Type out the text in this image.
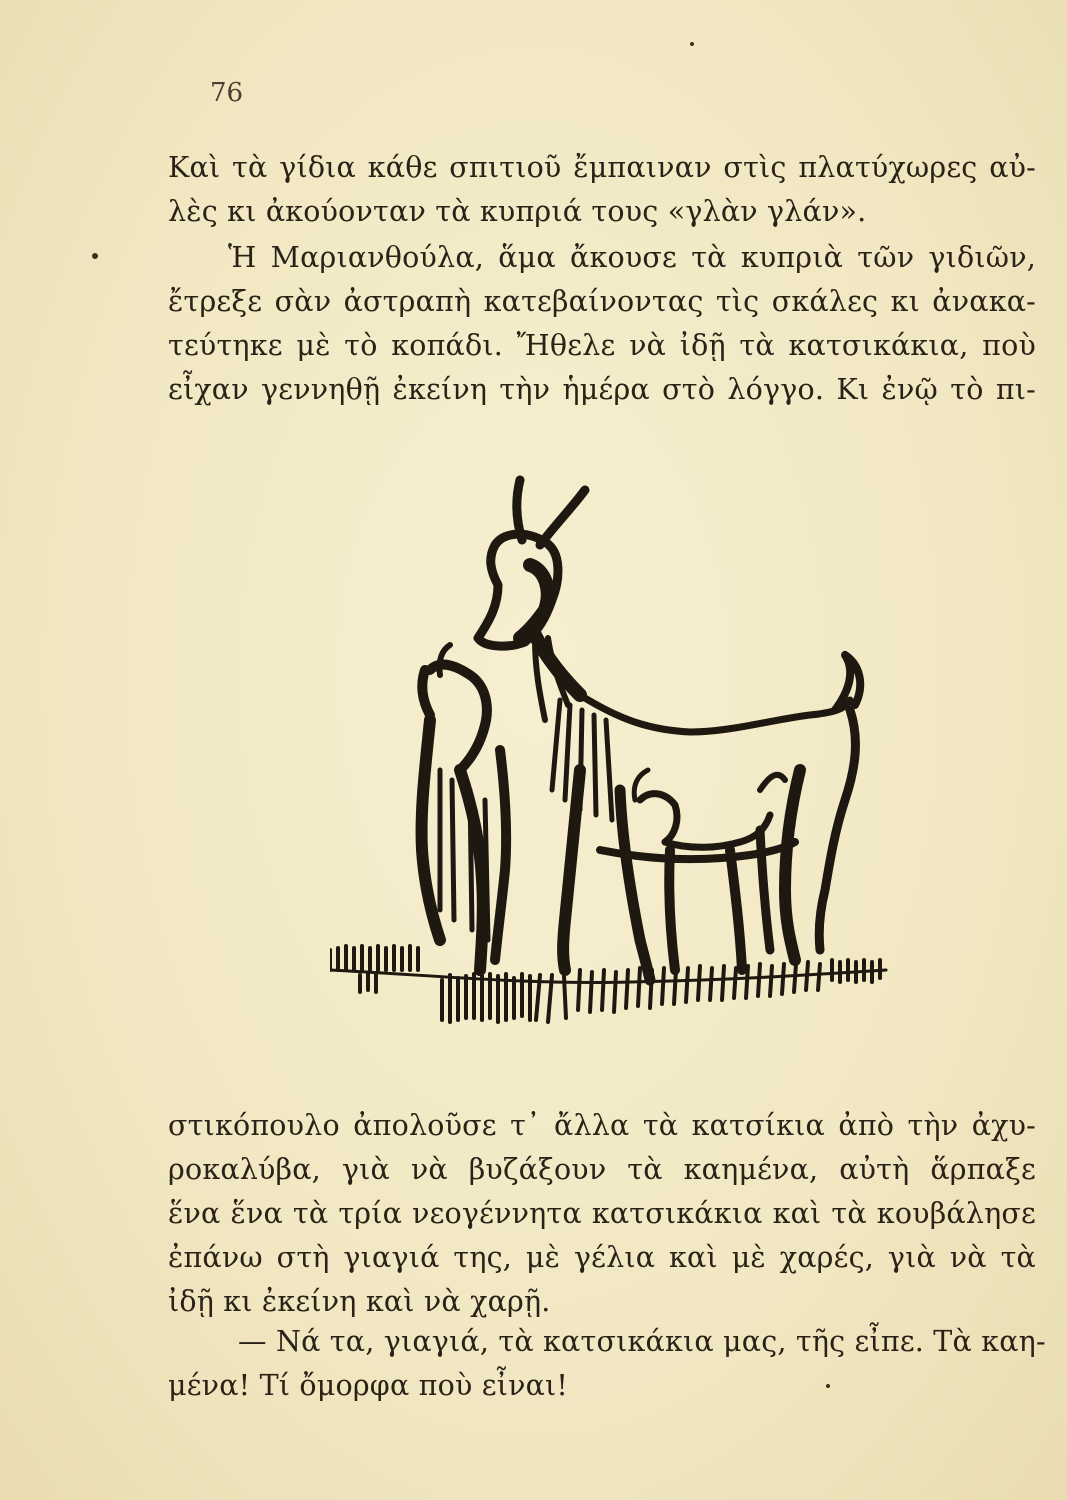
76

Καὶ τὰ γίδια κάθε σπιτιοῦ ἔμπαιναν στὶς πλατύχωρες αὐ-
λὲς κι ἀκούονταν τὰ κυπριά τους «γλὰν γλάν».

Ἡ Μαριανθούλα, ἅμα ἄκουσε τὰ κυπριὰ τῶν γιδιῶν,
ἔτρεξε σὰν ἀστραπὴ κατεβαίνοντας τὶς σκάλες κι ἀνακα-
τεύτηκε μὲ τὸ κοπάδι. Ἤθελε νὰ ἰδῇ τὰ κατσικάκια, ποὺ
εἶχαν γεννηθῇ ἐκείνη τὴν ἡμέρα στὸ λόγγο. Κι ἐνῷ τὸ πι-

στικόπουλο ἀπολοῦσε τ᾽ ἄλλα τὰ κατσίκια ἀπὸ τὴν ἀχυ-
ροκαλύβα, γιὰ νὰ βυζάξουν τὰ καημένα, αὐτὴ ἅρπαξε
ἕνα ἕνα τὰ τρία νεογέννητα κατσικάκια καὶ τὰ κουβάλησε
ἐπάνω στὴ γιαγιά της, μὲ γέλια καὶ μὲ χαρές, γιὰ νὰ τὰ
ἰδῇ κι ἐκείνη καὶ νὰ χαρῇ.

— Νά τα, γιαγιά, τὰ κατσικάκια μας, τῆς εἶπε. Τὰ καη-
μένα! Τί ὄμορφα ποὺ εἶναι!
